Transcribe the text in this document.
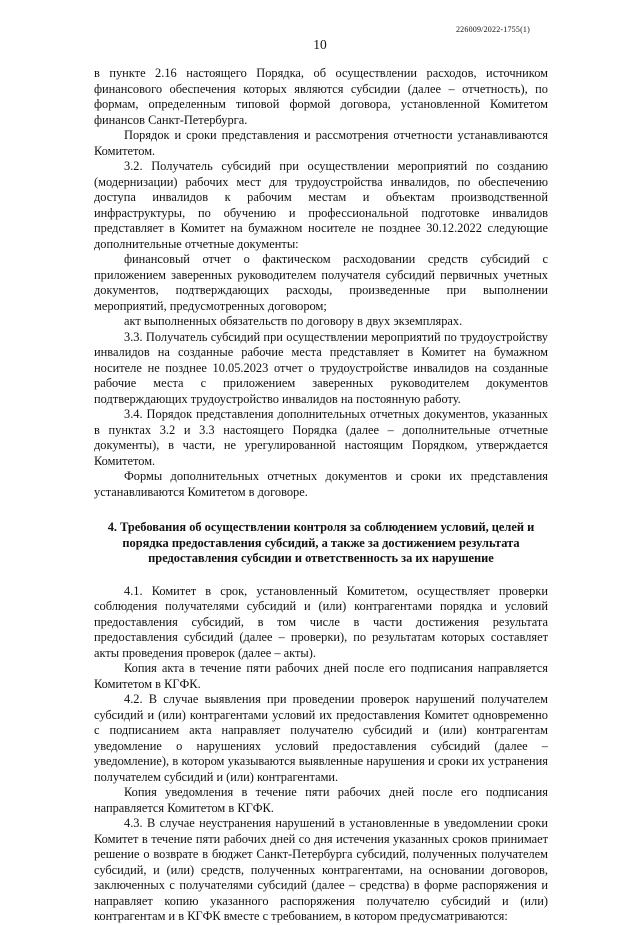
226009/2022-1755(1)
10

в пункте 2.16 настоящего Порядка, об осуществлении расходов, источником финансового обеспечения которых являются субсидии (далее – отчетность), по формам, определенным типовой формой договора, установленной Комитетом финансов Санкт-Петербурга.

Порядок и сроки представления и рассмотрения отчетности устанавливаются Комитетом.

3.2. Получатель субсидий при осуществлении мероприятий по созданию (модернизации) рабочих мест для трудоустройства инвалидов, по обеспечению доступа инвалидов к рабочим местам и объектам производственной инфраструктуры, по обучению и профессиональной подготовке инвалидов представляет в Комитет на бумажном носителе не позднее 30.12.2022 следующие дополнительные отчетные документы:

финансовый отчет о фактическом расходовании средств субсидий с приложением заверенных руководителем получателя субсидий первичных учетных документов, подтверждающих расходы, произведенные при выполнении мероприятий, предусмотренных договором;

акт выполненных обязательств по договору в двух экземплярах.

3.3. Получатель субсидий при осуществлении мероприятий по трудоустройству инвалидов на созданные рабочие места представляет в Комитет на бумажном носителе не позднее 10.05.2023 отчет о трудоустройстве инвалидов на созданные рабочие места с приложением заверенных руководителем документов подтверждающих трудоустройство инвалидов на постоянную работу.

3.4. Порядок представления дополнительных отчетных документов, указанных в пунктах 3.2 и 3.3 настоящего Порядка (далее – дополнительные отчетные документы), в части, не урегулированной настоящим Порядком, утверждается Комитетом.

Формы дополнительных отчетных документов и сроки их представления устанавливаются Комитетом в договоре.

4. Требования об осуществлении контроля за соблюдением условий, целей и порядка предоставления субсидий, а также за достижением результата предоставления субсидии и ответственность за их нарушение

4.1. Комитет в срок, установленный Комитетом, осуществляет проверки соблюдения получателями субсидий и (или) контрагентами порядка и условий предоставления субсидий, в том числе в части достижения результата предоставления субсидий (далее – проверки), по результатам которых составляет акты проведения проверок (далее – акты).

Копия акта в течение пяти рабочих дней после его подписания направляется Комитетом в КГФК.

4.2. В случае выявления при проведении проверок нарушений получателем субсидий и (или) контрагентами условий их предоставления Комитет одновременно с подписанием акта направляет получателю субсидий и (или) контрагентам уведомление о нарушениях условий предоставления субсидий (далее – уведомление), в котором указываются выявленные нарушения и сроки их устранения получателем субсидий и (или) контрагентами.

Копия уведомления в течение пяти рабочих дней после его подписания направляется Комитетом в КГФК.

4.3. В случае неустранения нарушений в установленные в уведомлении сроки Комитет в течение пяти рабочих дней со дня истечения указанных сроков принимает решение о возврате в бюджет Санкт-Петербурга субсидий, полученных получателем субсидий, и (или) средств, полученных контрагентами, на основании договоров, заключенных с получателями субсидий (далее – средства) в форме распоряжения и направляет копию указанного распоряжения получателю субсидий и (или) контрагентам и в КГФК вместе с требованием, в котором предусматриваются:
